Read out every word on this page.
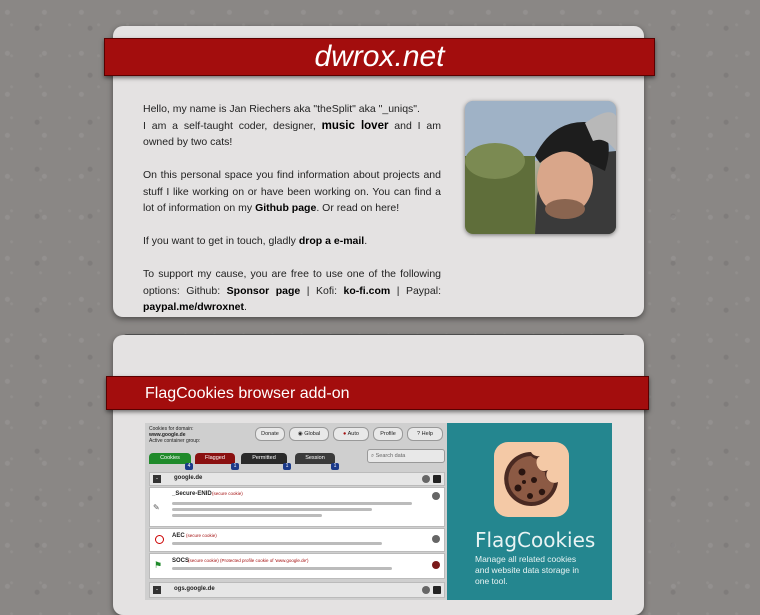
dwrox.net

Hello, my name is Jan Riechers aka "theSplit" aka "_uniqs".
I am a self-taught coder, designer, music lover and I am owned by two cats!

On this personal space you find information about projects and stuff I like working on or have been working on. You can find a lot of information on my Github page. Or read on here!

If you want to get in touch, gladly drop a e-mail.

To support my cause, you are free to use one of the following options: Github: Sponsor page | Kofi: ko-fi.com | Paypal: paypal.me/dwroxnet.

FlagCookies browser add-on
Cookies for domain:
www.google.de
Active container group:
Donate	◉ Global	● Auto	Profile	? Help
Cookies	Flagged	Permitted	Session
4	1	1	1
⌕ Search data
-	google.de
✎
_Secure-ENID (secure cookie)
AEC (secure cookie)
⚑ SOCS
(secure cookie) (Protected profile cookie of 'www.google.de')
-	ogs.google.de
FlagCookies
Manage all related cookies and website data storage in one tool.
